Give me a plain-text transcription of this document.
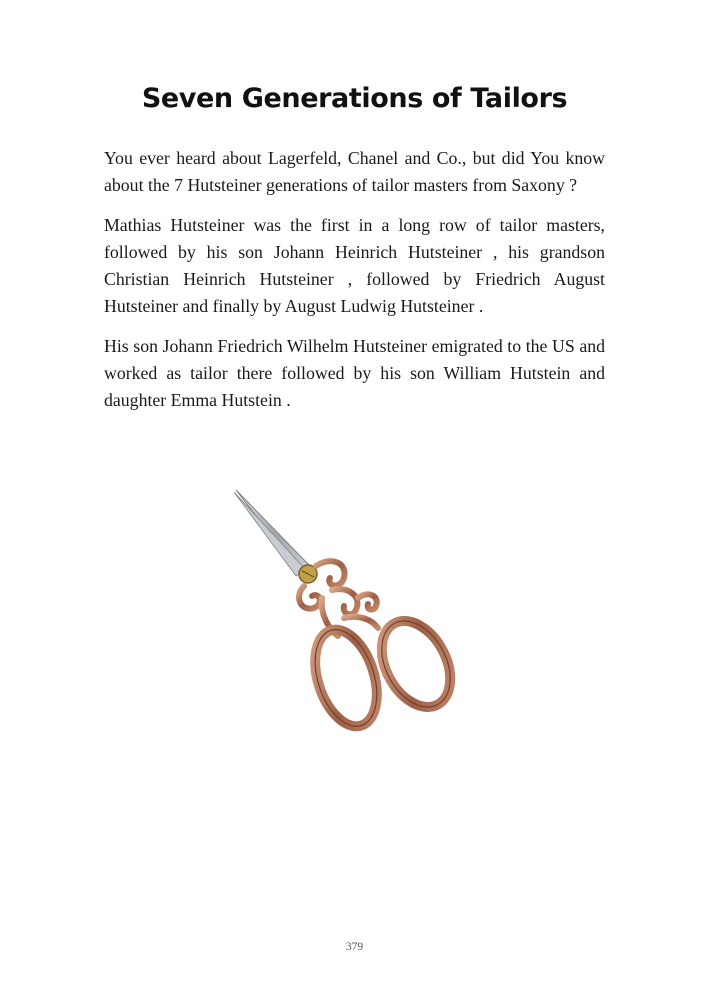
Seven Generations of Tailors

You ever heard about Lagerfeld, Chanel and Co., but did You know about the 7 Hutsteiner generations of tailor masters from Saxony ?

Mathias Hutsteiner was the first in a long row of tailor masters, followed by his son Johann Heinrich Hutsteiner , his grandson Christian Heinrich Hutsteiner , followed by Friedrich August Hutsteiner and finally by August Ludwig Hutsteiner .

His son Johann Friedrich Wilhelm Hutsteiner emigrated to the US and worked as tailor there followed by his son William Hutstein and daughter Emma Hutstein .

379
